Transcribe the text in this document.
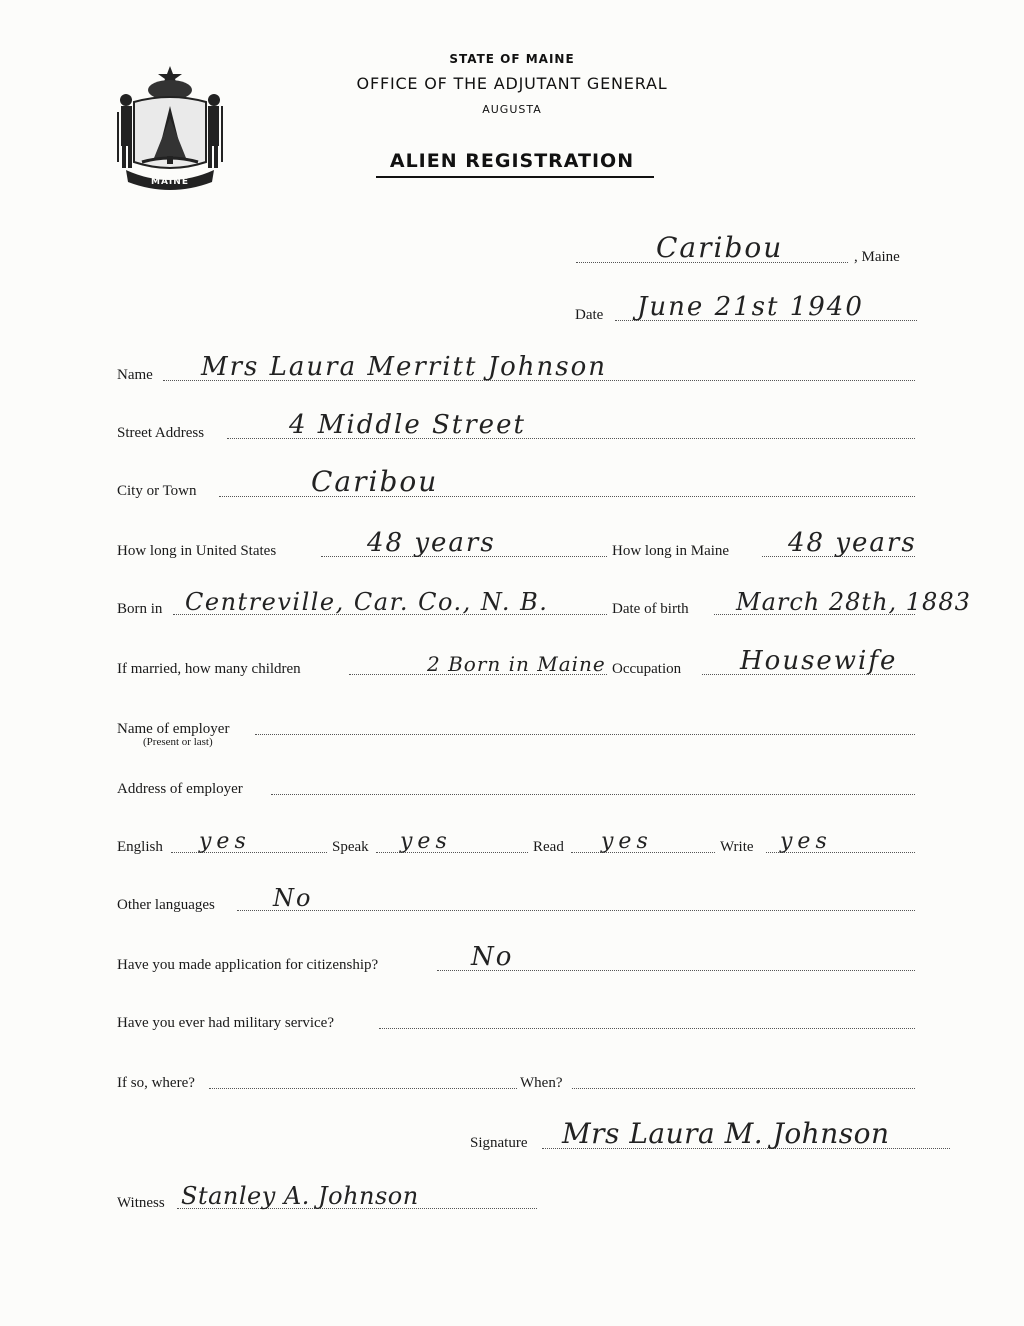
MAINE
STATE OF MAINE
OFFICE OF THE ADJUTANT GENERAL
AUGUSTA
ALIEN REGISTRATION
Caribou	, Maine
Date June 21st 1940
Name Mrs Laura Merritt Johnson
Street Address	4 Middle Street
City or Town	Caribou
How long in United States	48 years	How long in Maine 48 years
Born in Centreville, Car. Co., N. B.	Date of birth March 28th, 1883
If married, how many children	2 Born in Maine Occupation Housewife
Name of employer
(Present or last)
Address of employer
English yes	Speak yes	Read yes	Write yes
Other languages No
Have you made application for citizenship?	No
Have you ever had military service?
If so, where?	When?
Signature Mrs Laura M. Johnson
Witness Stanley A. Johnson
